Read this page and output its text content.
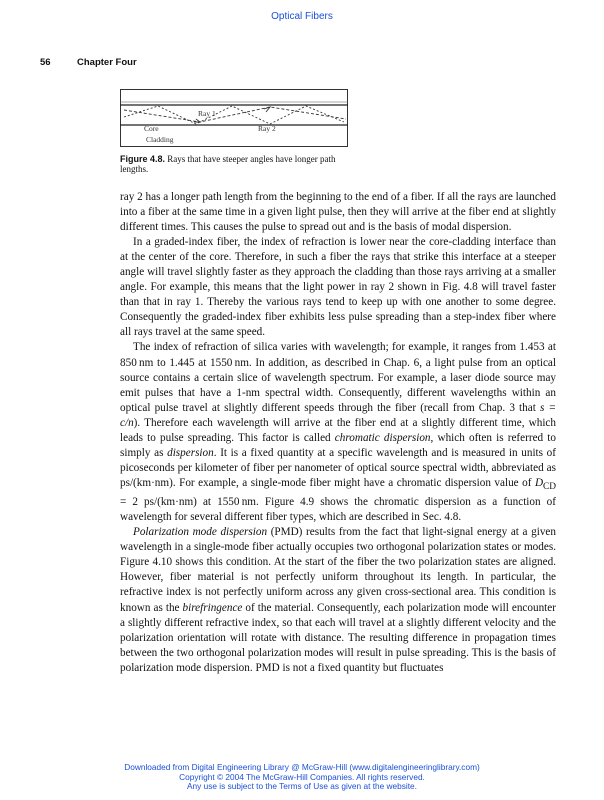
Optical Fibers
56	Chapter Four
Ray 1
Core	Ray 2
Cladding
Figure 4.8. Rays that have steeper angles have longer path lengths.

ray 2 has a longer path length from the beginning to the end of a fiber. If all the rays are launched into a fiber at the same time in a given light pulse, then they will arrive at the fiber end at slightly different times. This causes the pulse to spread out and is the basis of modal dispersion.

In a graded-index fiber, the index of refraction is lower near the core-cladding interface than at the center of the core. Therefore, in such a fiber the rays that strike this interface at a steeper angle will travel slightly faster as they approach the cladding than those rays arriving at a smaller angle. For example, this means that the light power in ray 2 shown in Fig. 4.8 will travel faster than that in ray 1. Thereby the various rays tend to keep up with one another to some degree. Consequently the graded-index fiber exhibits less pulse spreading than a step-index fiber where all rays travel at the same speed.

The index of refraction of silica varies with wavelength; for example, it ranges from 1.453 at 850 nm to 1.445 at 1550 nm. In addition, as described in Chap. 6, a light pulse from an optical source contains a certain slice of wavelength spectrum. For example, a laser diode source may emit pulses that have a 1-nm spectral width. Consequently, different wavelengths within an optical pulse travel at slightly different speeds through the fiber (recall from Chap. 3 that s = c/n). Therefore each wavelength will arrive at the fiber end at a slightly different time, which leads to pulse spreading. This factor is called chromatic dispersion, which often is referred to simply as dispersion. It is a fixed quantity at a specific wavelength and is measured in units of picoseconds per kilometer of fiber per nanometer of optical source spectral width, abbreviated as ps/(km·nm). For example, a single-mode fiber might have a chromatic dispersion value of $D_{CD} = 2$ ps/(km·nm) at 1550 nm. Figure 4.9 shows the chromatic dispersion as a function of wavelength for several different fiber types, which are described in Sec. 4.8.

Polarization mode dispersion (PMD) results from the fact that light-signal energy at a given wavelength in a single-mode fiber actually occupies two orthogonal polarization states or modes. Figure 4.10 shows this condition. At the start of the fiber the two polarization states are aligned. However, fiber material is not perfectly uniform throughout its length. In particular, the refractive index is not perfectly uniform across any given cross-sectional area. This condition is known as the birefringence of the material. Consequently, each polarization mode will encounter a slightly different refractive index, so that each will travel at a slightly different velocity and the polarization orientation will rotate with distance. The resulting difference in propagation times between the two orthogonal polarization modes will result in pulse spreading. This is the basis of polarization mode dispersion. PMD is not a fixed quantity but fluctuates

Downloaded from Digital Engineering Library @ McGraw-Hill (www.digitalengineeringlibrary.com)
Copyright © 2004 The McGraw-Hill Companies. All rights reserved.
Any use is subject to the Terms of Use as given at the website.
